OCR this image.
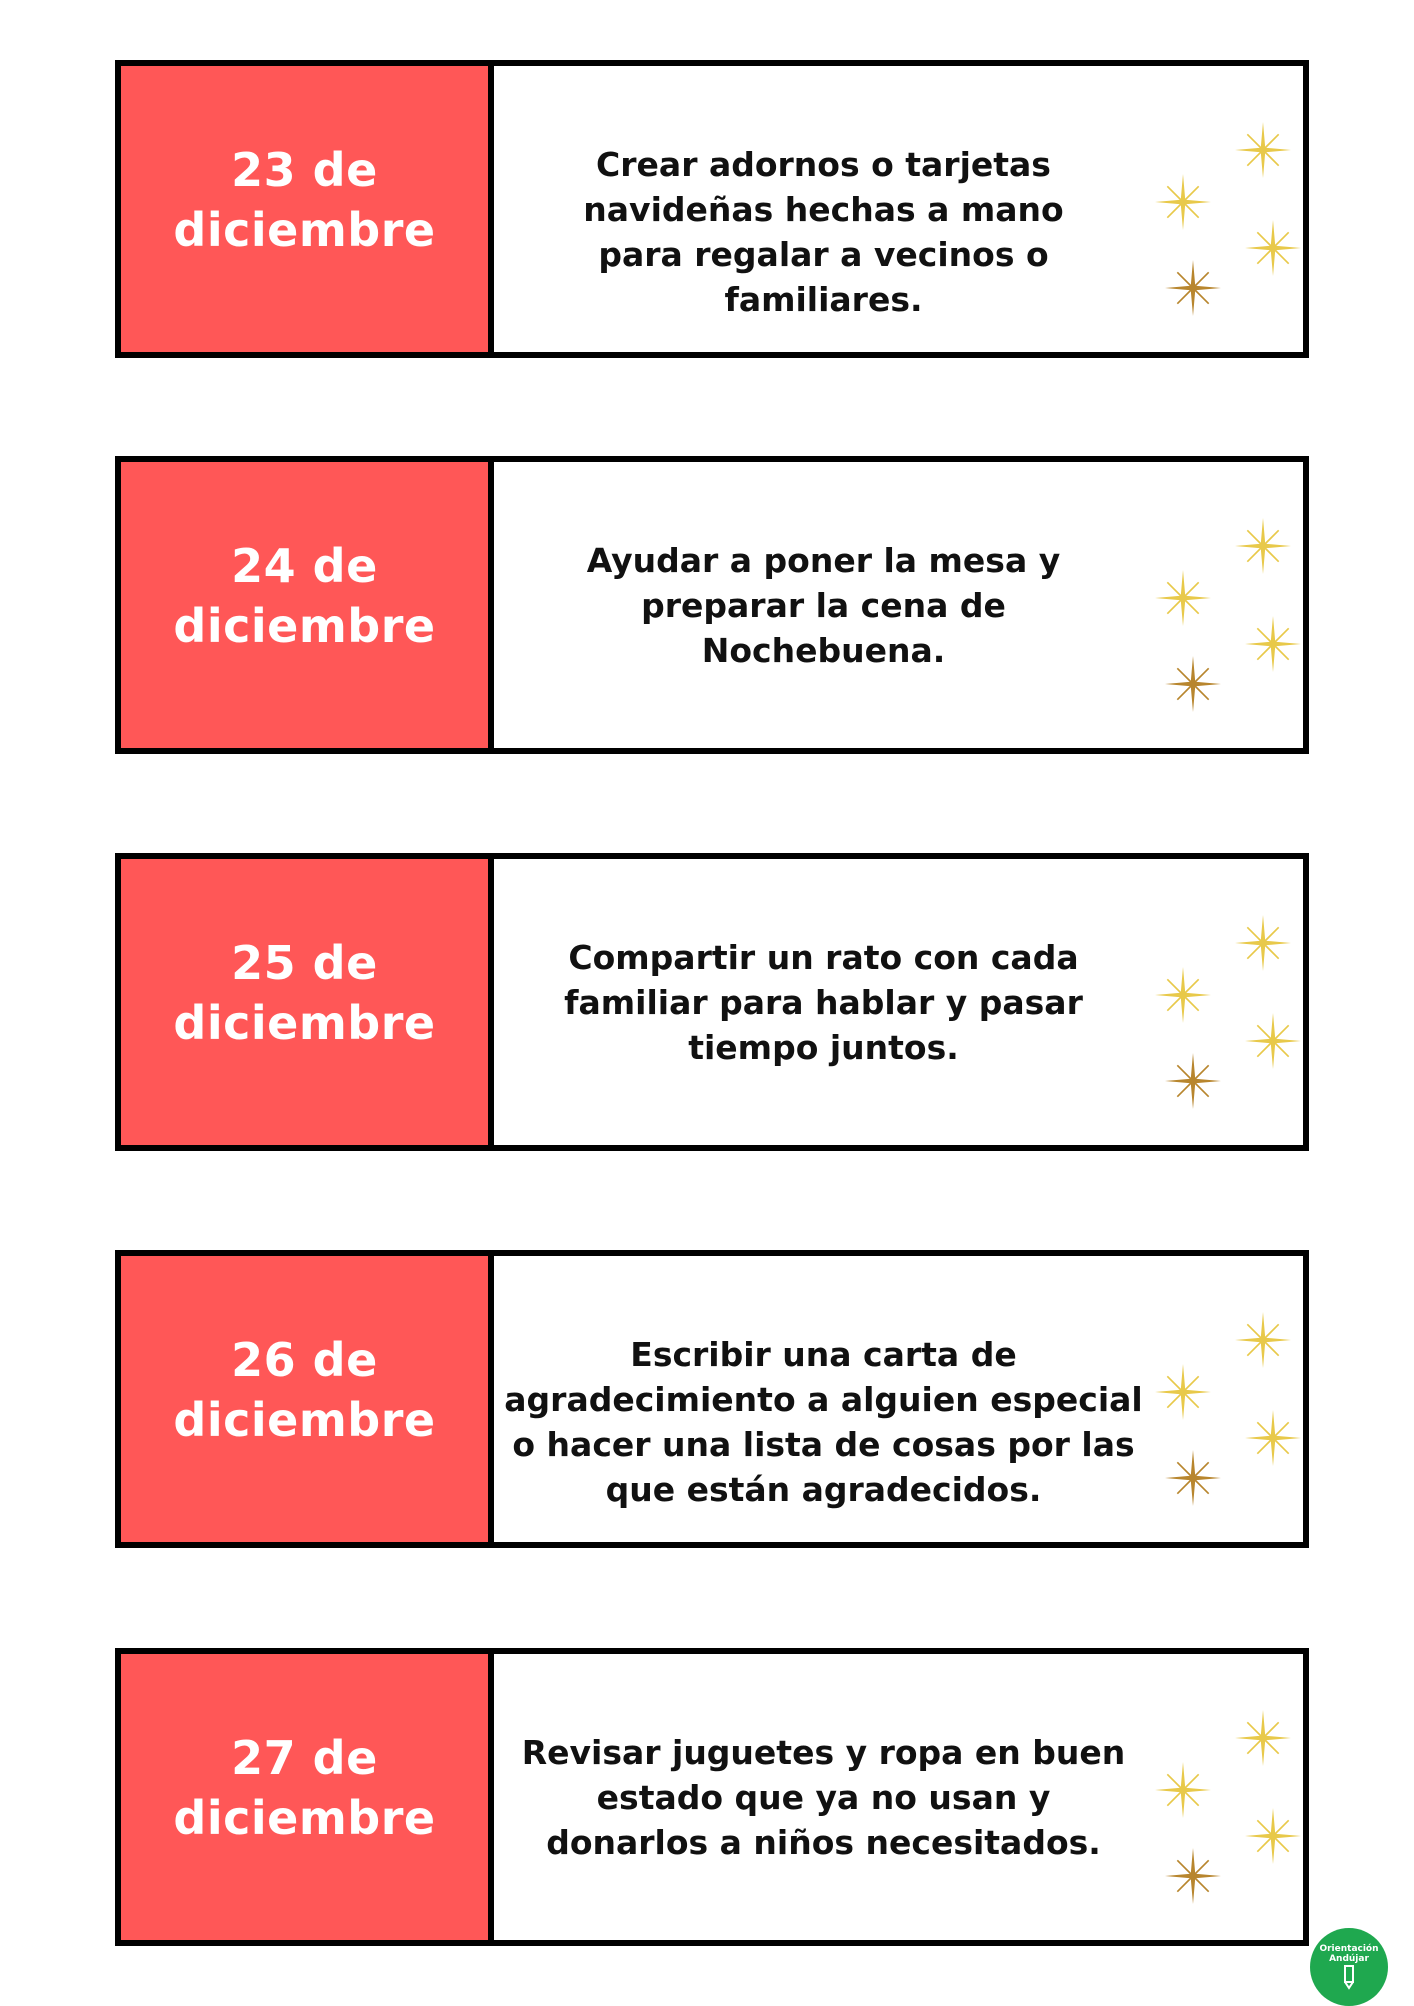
23 de
diciembre
Crear adornos o tarjetas navideñas hechas a mano para regalar a vecinos o familiares.
24 de
diciembre
Ayudar a poner la mesa y preparar la cena de Nochebuena.
25 de
diciembre
Compartir un rato con cada familiar para hablar y pasar tiempo juntos.
26 de
diciembre
Escribir una carta de agradecimiento a alguien especial o hacer una lista de cosas por las que están agradecidos.
27 de
diciembre
Revisar juguetes y ropa en buen estado que ya no usan y donarlos a niños necesitados.
Orientación
Andújar
